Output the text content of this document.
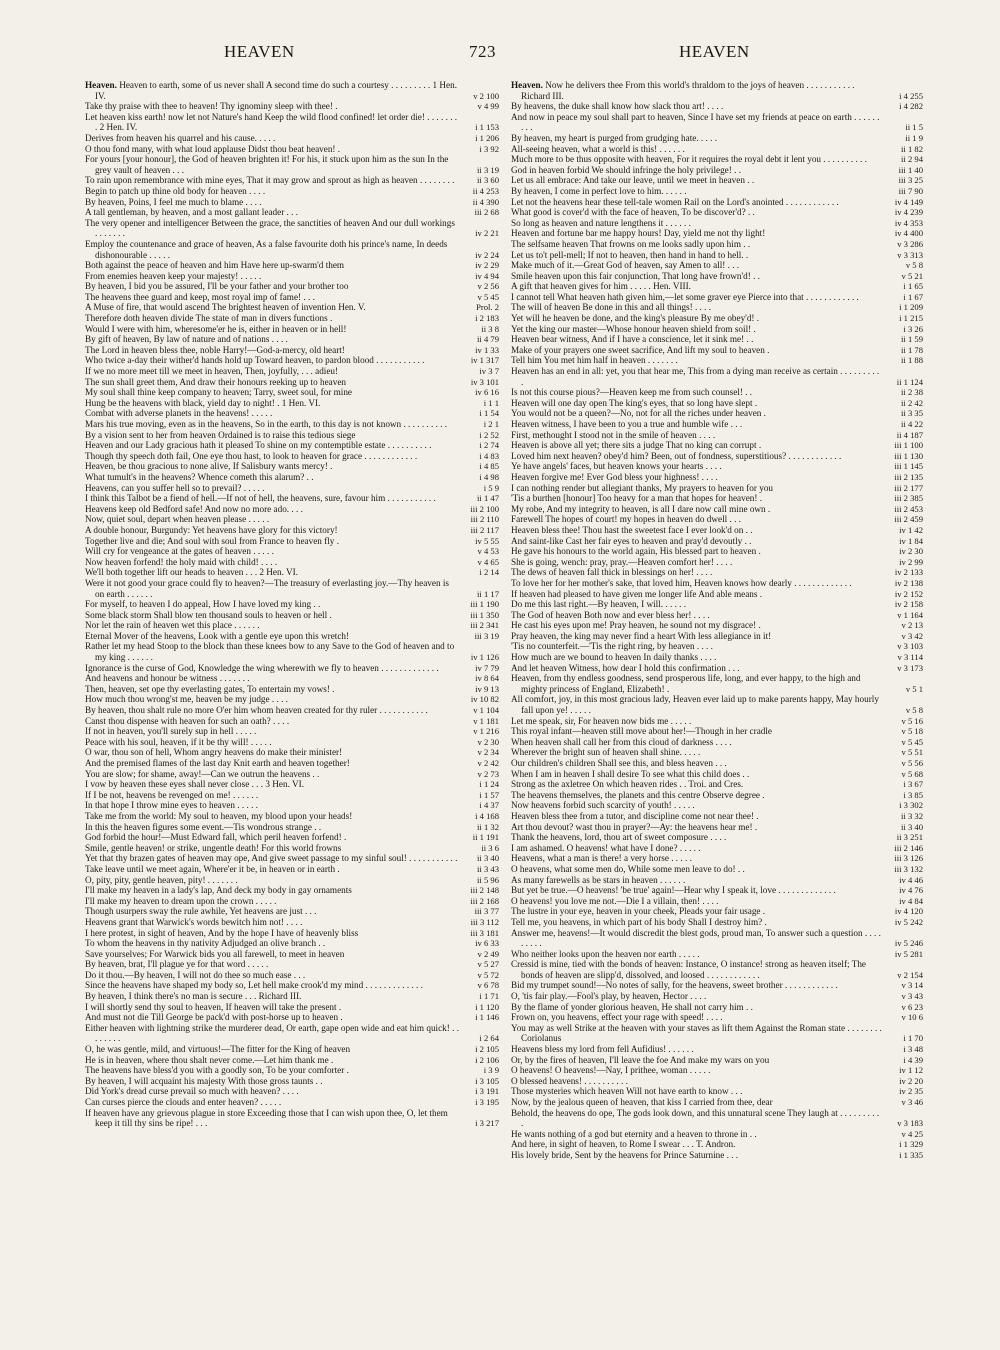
HEAVEN	723	HEAVEN
Heaven. Heaven to earth, some of us never shall A second time do such a courtesy . . . . . . . . . 1 Hen. IV.	v 2 100
Take thy praise with thee to heaven! Thy ignominy sleep with thee! .	v 4 99
Let heaven kiss earth! now let not Nature's hand Keep the wild flood confined! let order die! . . . . . . . . 2 Hen. IV.	i 1 153
Derives from heaven his quarrel and his cause. . . . .	i 1 206
O thou fond many, with what loud applause Didst thou beat heaven! .	i 3 92
For yours [your honour], the God of heaven brighten it! For his, it stuck upon him as the sun In the grey vault of heaven . . .	ii 3 19
To rain upon remembrance with mine eyes, That it may grow and sprout as high as heaven . . . . . . . .	ii 3 60
Begin to patch up thine old body for heaven . . . .	ii 4 253
By heaven, Poins, I feel me much to blame . . . .	ii 4 390
A tall gentleman, by heaven, and a most gallant leader . . .	iii 2 68
The very opener and intelligencer Between the grace, the sanctities of heaven And our dull workings . . . . . . .	iv 2 21
Employ the countenance and grace of heaven, As a false favourite doth his prince's name, In deeds dishonourable . . . . .	iv 2 24
Both against the peace of heaven and him Have here up-swarm'd them	iv 2 29
From enemies heaven keep your majesty! . . . . .	iv 4 94
By heaven, I bid you be assured, I'll be your father and your brother too	v 2 56
The heavens thee guard and keep, most royal imp of fame! . . .	v 5 45
A Muse of fire, that would ascend The brightest heaven of invention Hen. V.	Prol. 2
Therefore doth heaven divide The state of man in divers functions .	i 2 183
Would I were with him, wheresome'er he is, either in heaven or in hell!	ii 3 8
By gift of heaven, By law of nature and of nations . . . .	ii 4 79
The Lord in heaven bless thee, noble Harry!—God-a-mercy, old heart!	iv 1 33
Who twice a-day their wither'd hands hold up Toward heaven, to pardon blood . . . . . . . . . . .	iv 1 317
If we no more meet till we meet in heaven, Then, joyfully, . . . adieu!	iv 3 7
The sun shall greet them, And draw their honours reeking up to heaven	iv 3 101
My soul shall thine keep company to heaven; Tarry, sweet soul, for mine	iv 6 16
Hung be the heavens with black, yield day to night! . 1 Hen. VI.	i 1 1
Combat with adverse planets in the heavens! . . . . .	i 1 54
Mars his true moving, even as in the heavens, So in the earth, to this day is not known . . . . . . . . . .	i 2 1
By a vision sent to her from heaven Ordained is to raise this tedious siege	i 2 52
Heaven and our Lady gracious hath it pleased To shine on my contemptible estate . . . . . . . . . .	i 2 74
Though thy speech doth fail, One eye thou hast, to look to heaven for grace . . . . . . . . . . . .	i 4 83
Heaven, be thou gracious to none alive, If Salisbury wants mercy! .	i 4 85
What tumult's in the heavens? Whence cometh this alarum? . .	i 4 98
Heavens, can you suffer hell so to prevail? . . . . .	i 5 9
I think this Talbot be a fiend of hell.—If not of hell, the heavens, sure, favour him . . . . . . . . . . .	ii 1 47
Heavens keep old Bedford safe! And now no more ado. . . .	iii 2 100
Now, quiet soul, depart when heaven please . . . . .	iii 2 110
A double honour, Burgundy: Yet heavens have glory for this victory!	iii 2 117
Together live and die; And soul with soul from France to heaven fly .	iv 5 55
Will cry for vengeance at the gates of heaven . . . . .	v 4 53
Now heaven forfend! the holy maid with child! . . . .	v 4 65
We'll both together lift our heads to heaven . . . 2 Hen. VI.	i 2 14
Were it not good your grace could fly to heaven?—The treasury of everlasting joy.—Thy heaven is on earth . . . . . .	ii 1 17
For myself, to heaven I do appeal, How I have loved my king . .	iii 1 190
Some black storm Shall blow ten thousand souls to heaven or hell .	iii 1 350
Nor let the rain of heaven wet this place . . . . . .	iii 2 341
Eternal Mover of the heavens, Look with a gentle eye upon this wretch!	iii 3 19
Rather let my head Stoop to the block than these knees bow to any Save to the God of heaven and to my king . . . . . .	iv 1 126
Ignorance is the curse of God, Knowledge the wing wherewith we fly to heaven . . . . . . . . . . . . .	iv 7 79
And heavens and honour be witness . . . . . . .	iv 8 64
Then, heaven, set ope thy everlasting gates, To entertain my vows! .	iv 9 13
How much thou wrong'st me, heaven be my judge . . . .	iv 10 82
By heaven, thou shalt rule no more O'er him whom heaven created for thy ruler . . . . . . . . . . .	v 1 104
Canst thou dispense with heaven for such an oath? . . . .	v 1 181
If not in heaven, you'll surely sup in hell . . . . .	v 1 216
Peace with his soul, heaven, if it be thy will! . . . . .	v 2 30
O war, thou son of hell, Whom angry heavens do make their minister!	v 2 34
And the premised flames of the last day Knit earth and heaven together!	v 2 42
You are slow; for shame, away!—Can we outrun the heavens . .	v 2 73
I vow by heaven these eyes shall never close . . . 3 Hen. VI.	i 1 24
If I be not, heavens be revenged on me! . . . . . .	i 1 57
In that hope I throw mine eyes to heaven . . . . .	i 4 37
Take me from the world: My soul to heaven, my blood upon your heads!	i 4 168
In this the heaven figures some event.—Tis wondrous strange . .	ii 1 32
God forbid the hour!—Must Edward fall, which peril heaven forfend! .	ii 1 191
Smile, gentle heaven! or strike, ungentle death! For this world frowns	ii 3 6
Yet that thy brazen gates of heaven may ope, And give sweet passage to my sinful soul! . . . . . . . . . . .	ii 3 40
Take leave until we meet again, Where'er it be, in heaven or in earth .	ii 3 43
O, pity, pity, gentle heaven, pity! . . . . . . .	ii 5 96
I'll make my heaven in a lady's lap, And deck my body in gay ornaments	iii 2 148
I'll make my heaven to dream upon the crown . . . . .	iii 2 168
Though usurpers sway the rule awhile, Yet heavens are just . . .	iii 3 77
Heavens grant that Warwick's words bewitch him not! . . . .	iii 3 112
I here protest, in sight of heaven, And by the hope I have of heavenly bliss	iii 3 181
To whom the heavens in thy nativity Adjudged an olive branch . .	iv 6 33
Save yourselves; For Warwick bids you all farewell, to meet in heaven	v 2 49
By heaven, brat, I'll plague ye for that word . . . . .	v 5 27
Do it thou.—By heaven, I will not do thee so much ease . . .	v 5 72
Since the heavens have shaped my body so, Let hell make crook'd my mind . . . . . . . . . . . . .	v 6 78
By heaven, I think there's no man is secure . . . Richard III.	i 1 71
I will shortly send thy soul to heaven, If heaven will take the present .	i 1 120
And must not die Till George be pack'd with post-horse up to heaven .	i 1 146
Either heaven with lightning strike the murderer dead, Or earth, gape open wide and eat him quick! . . . . . . . .	i 2 64
O, he was gentle, mild, and virtuous!—The fitter for the King of heaven	i 2 105
He is in heaven, where thou shalt never come.—Let him thank me .	i 2 106
The heavens have bless'd you with a goodly son, To be your comforter .	i 3 9
By heaven, I will acquaint his majesty With those gross taunts . .	i 3 105
Did York's dread curse prevail so much with heaven? . . . .	i 3 191
Can curses pierce the clouds and enter heaven? . . . . .	i 3 195
If heaven have any grievous plague in store Exceeding those that I can wish upon thee, O, let them keep it till thy sins be ripe! . . .	i 3 217
Heaven. Now he delivers thee From this world's thraldom to the joys of heaven . . . . . . . . . . . Richard III.	i 4 255
By heavens, the duke shall know how slack thou art! . . . .	i 4 282
And now in peace my soul shall part to heaven, Since I have set my friends at peace on earth . . . . . . . . .	ii 1 5
By heaven, my heart is purged from grudging hate. . . . .	ii 1 9
All-seeing heaven, what a world is this! . . . . . .	ii 1 82
Much more to be thus opposite with heaven, For it requires the royal debt it lent you . . . . . . . . . .	ii 2 94
God in heaven forbid We should infringe the holy privilege! . .	iii 1 40
Let us all embrace: And take our leave, until we meet in heaven . .	iii 3 25
By heaven, I come in perfect love to him. . . . . .	iii 7 90
Let not the heavens hear these tell-tale women Rail on the Lord's anointed . . . . . . . . . . . .	iv 4 149
What good is cover'd with the face of heaven, To be discover'd? . .	iv 4 239
So long as heaven and nature lengthens it . . . . . .	iv 4 353
Heaven and fortune bar me happy hours! Day, yield me not thy light!	iv 4 400
The selfsame heaven That frowns on me looks sadly upon him . .	v 3 286
Let us to't pell-mell; If not to heaven, then hand in hand to hell. .	v 3 313
Make much of it.—Great God of heaven, say Amen to all! . . .	v 5 8
Smile heaven upon this fair conjunction, That long have frown'd! . .	v 5 21
A gift that heaven gives for him . . . . . Hen. VIII.	i 1 65
I cannot tell What heaven hath given him,—let some graver eye Pierce into that . . . . . . . . . . . .	i 1 67
The will of heaven Be done in this and all things! . . . .	i 1 209
Yet will he heaven be done, and the king's pleasure By me obey'd! .	i 1 215
Yet the king our master—Whose honour heaven shield from soil! .	i 3 26
Heaven bear witness, And if I have a conscience, let it sink me! . .	ii 1 59
Make of your prayers one sweet sacrifice, And lift my soul to heaven .	ii 1 78
Tell him You met him half in heaven . . . . . . .	ii 1 88
Heaven has an end in all: yet, you that hear me, This from a dying man receive as certain . . . . . . . . . .	ii 1 124
Is not this course pious?—Heaven keep me from such counsel! . .	ii 2 38
Heaven will one day open The king's eyes, that so long have slept .	ii 2 42
You would not be a queen?—No, not for all the riches under heaven .	ii 3 35
Heaven witness, I have been to you a true and humble wife . . .	ii 4 22
First, methought I stood not in the smile of heaven . . . .	ii 4 187
Heaven is above all yet; there sits a judge That no king can corrupt .	iii 1 100
Loved him next heaven? obey'd him? Been, out of fondness, superstitious? . . . . . . . . . . . .	iii 1 130
Ye have angels' faces, but heaven knows your hearts . . . .	iii 1 145
Heaven forgive me! Ever God bless your highness! . . . .	iii 2 135
I can nothing render but allegiant thanks, My prayers to heaven for you	iii 2 177
'Tis a burthen [honour] Too heavy for a man that hopes for heaven! .	iii 2 385
My robe, And my integrity to heaven, is all I dare now call mine own .	iii 2 453
Farewell The hopes of court! my hopes in heaven do dwell . . .	iii 2 459
Heaven bless thee! Thou hast the sweetest face I ever look'd on . .	iv 1 42
And saint-like Cast her fair eyes to heaven and pray'd devoutly . .	iv 1 84
He gave his honours to the world again, His blessed part to heaven .	iv 2 30
She is going, wench: pray, pray.—Heaven comfort her! . . . .	iv 2 99
The dews of heaven fall thick in blessings on her! . . . .	iv 2 133
To love her for her mother's sake, that loved him, Heaven knows how dearly . . . . . . . . . . . . .	iv 2 138
If heaven had pleased to have given me longer life And able means .	iv 2 152
Do me this last right.—By heaven, I will. . . . . .	iv 2 158
The God of heaven Both now and ever bless her! . . . .	v 1 164
He cast his eyes upon me! Pray heaven, he sound not my disgrace! .	v 2 13
Pray heaven, the king may never find a heart With less allegiance in it!	v 3 42
'Tis no counterfeit.—'Tis the right ring, by heaven . . . .	v 3 103
How much are we bound to heaven In daily thanks . . . .	v 3 114
And let heaven Witness, how dear I hold this confirmation . . .	v 3 173
Heaven, from thy endless goodness, send prosperous life, long, and ever happy, to the high and mighty princess of England, Elizabeth! .	v 5 1
All comfort, joy, in this most gracious lady, Heaven ever laid up to make parents happy, May hourly fall upon ye! . . . . .	v 5 8
Let me speak, sir, For heaven now bids me . . . . .	v 5 16
This royal infant—heaven still move about her!—Though in her cradle	v 5 18
When heaven shall call her from this cloud of darkness . . . .	v 5 45
Wherever the bright sun of heaven shall shine. . . . .	v 5 51
Our children's children Shall see this, and bless heaven . . .	v 5 56
When I am in heaven I shall desire To see what this child does . .	v 5 68
Strong as the axletree On which heaven rides . . Troi. and Cres.	i 3 67
The heavens themselves, the planets and this centre Observe degree .	i 3 85
Now heavens forbid such scarcity of youth! . . . . .	i 3 302
Heaven bless thee from a tutor, and discipline come not near thee! .	ii 3 32
Art thou devout? wast thou in prayer?—Ay: the heavens hear me! .	ii 3 40
Thank the heavens, lord, thou art of sweet composure . . . .	ii 3 251
I am ashamed. O heavens! what have I done? . . . . .	iii 2 146
Heavens, what a man is there! a very horse . . . . .	iii 3 126
O heavens, what some men do, While some men leave to do! . .	iii 3 132
As many farewells as be stars in heaven . . . . . .	iv 4 46
But yet be true.—O heavens! 'be true' again!—Hear why I speak it, love . . . . . . . . . . . . .	iv 4 76
O heavens! you love me not.—Die I a villain, then! . . . .	iv 4 84
The lustre in your eye, heaven in your cheek, Pleads your fair usage .	iv 4 120
Tell me, you heavens, in which part of his body Shall I destroy him? .	iv 5 242
Answer me, heavens!—It would discredit the blest gods, proud man, To answer such a question . . . . . . . . .	iv 5 246
Who neither looks upon the heaven nor earth . . . . .	iv 5 281
Cressid is mine, tied with the bonds of heaven: Instance, O instance! strong as heaven itself; The bonds of heaven are slipp'd, dissolved, and loosed . . . . . . . . . . . .	v 2 154
Bid my trumpet sound!—No notes of sally, for the heavens, sweet brother . . . . . . . . . . . .	v 3 14
O, 'tis fair play.—Fool's play, by heaven, Hector . . . .	v 3 43
By the flame of yonder glorious heaven, He shall not carry him . .	v 6 23
Frown on, you heavens, effect your rage with speed! . . . .	v 10 6
You may as well Strike at the heaven with your staves as lift them Against the Roman state . . . . . . . . Coriolanus	i 1 70
Heavens bless my lord from fell Aufidius! . . . . . .	i 3 48
Or, by the fires of heaven, I'll leave the foe And make my wars on you	i 4 39
O heavens! O heavens!—Nay, I prithee, woman . . . . .	iv 1 12
O blessed heavens! . . . . . . . . . .	iv 2 20
Those mysteries which heaven Will not have earth to know . . .	iv 2 35
Now, by the jealous queen of heaven, that kiss I carried from thee, dear	v 3 46
Behold, the heavens do ope, The gods look down, and this unnatural scene They laugh at . . . . . . . . . .	v 3 183
He wants nothing of a god but eternity and a heaven to throne in . .	v 4 25
And here, in sight of heaven, to Rome I swear . . . T. Andron.	i 1 329
His lovely bride, Sent by the heavens for Prince Saturnine . . .	i 1 335
